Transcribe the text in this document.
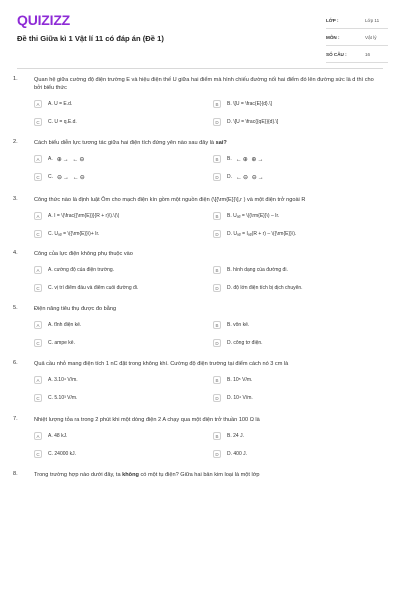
QUIZIZZ
Đề thi Giữa kì 1 Vật lí 11 có đáp án (Đề 1)
LỚP :	Lớp 11
MÔN :	Vật lý
SỐ CÂU :	16
1.	Quan hệ giữa cường độ điện trường E và hiệu điện thế U giữa hai điểm mà hình chiếu đường nối hai điểm đó lên đường sức là d thì cho bởi biểu thức
A	A. U = E.d.	B	B. \[U = \frac{E}{d}.\]
C	C. U = q.E.d.	D	D. \[U = \frac{{qE}}{d}.\]
2.	Cách biểu diễn lực tương tác giữa hai điện tích đứng yên nào sau đây là sai?
A	A. ⊕→ ←⊖	B	B. ←⊕ ⊕→
C	C. ⊖→ ←⊖	D	D. ←⊖ ⊖→
3.	Công thức nào là định luật Ôm cho mạch điện kín gồm một nguồn điện (\[{\rm{E}}\],r ) và một điện trở ngoài R
A	A. I = \(\frac{{\rm{E}}}{R + r}\).\(\)	B	B. Uₐᵦ = \({\rm{E}}\) – Ir.
C	C. Uₐᵦ = \({\rm{E}}\)+ Ir.	D	D. Uₐᵦ = Iₐᵦ(R + r) – \({\rm{E}}\).
4.	Công của lực điện không phụ thuộc vào
A	A. cường độ của điện trường.	B	B. hình dạng của đường đi.
C	C. vị trí điểm đầu và điểm cuối đường đi.	D	D. độ lớn điện tích bị dịch chuyển.
5.	Điện năng tiêu thụ được đo bằng
A	A. tĩnh điện kế.	B	B. vôn kế.
C	C. ampe kế.	D	D. công tơ điện.
6.	Quả cầu nhỏ mang điện tích 1 nC đặt trong không khí. Cường độ điện trường tại điểm cách nó 3 cm là
A	A. 3.10⁴ V/m.	B	B. 10⁵ V/m.
C	C. 5.10³ V/m.	D	D. 10⁴ V/m.
7.	Nhiệt lượng tỏa ra trong 2 phút khi một dòng điện 2 A chạy qua một điện trở thuần 100 Ω là
A	A. 48 kJ.	B	B. 24 J.
C	C. 24000 kJ.	D	D. 400 J.
8.	Trong trường hợp nào dưới đây, ta không có một tụ điện? Giữa hai bản kim loại là một lớp
